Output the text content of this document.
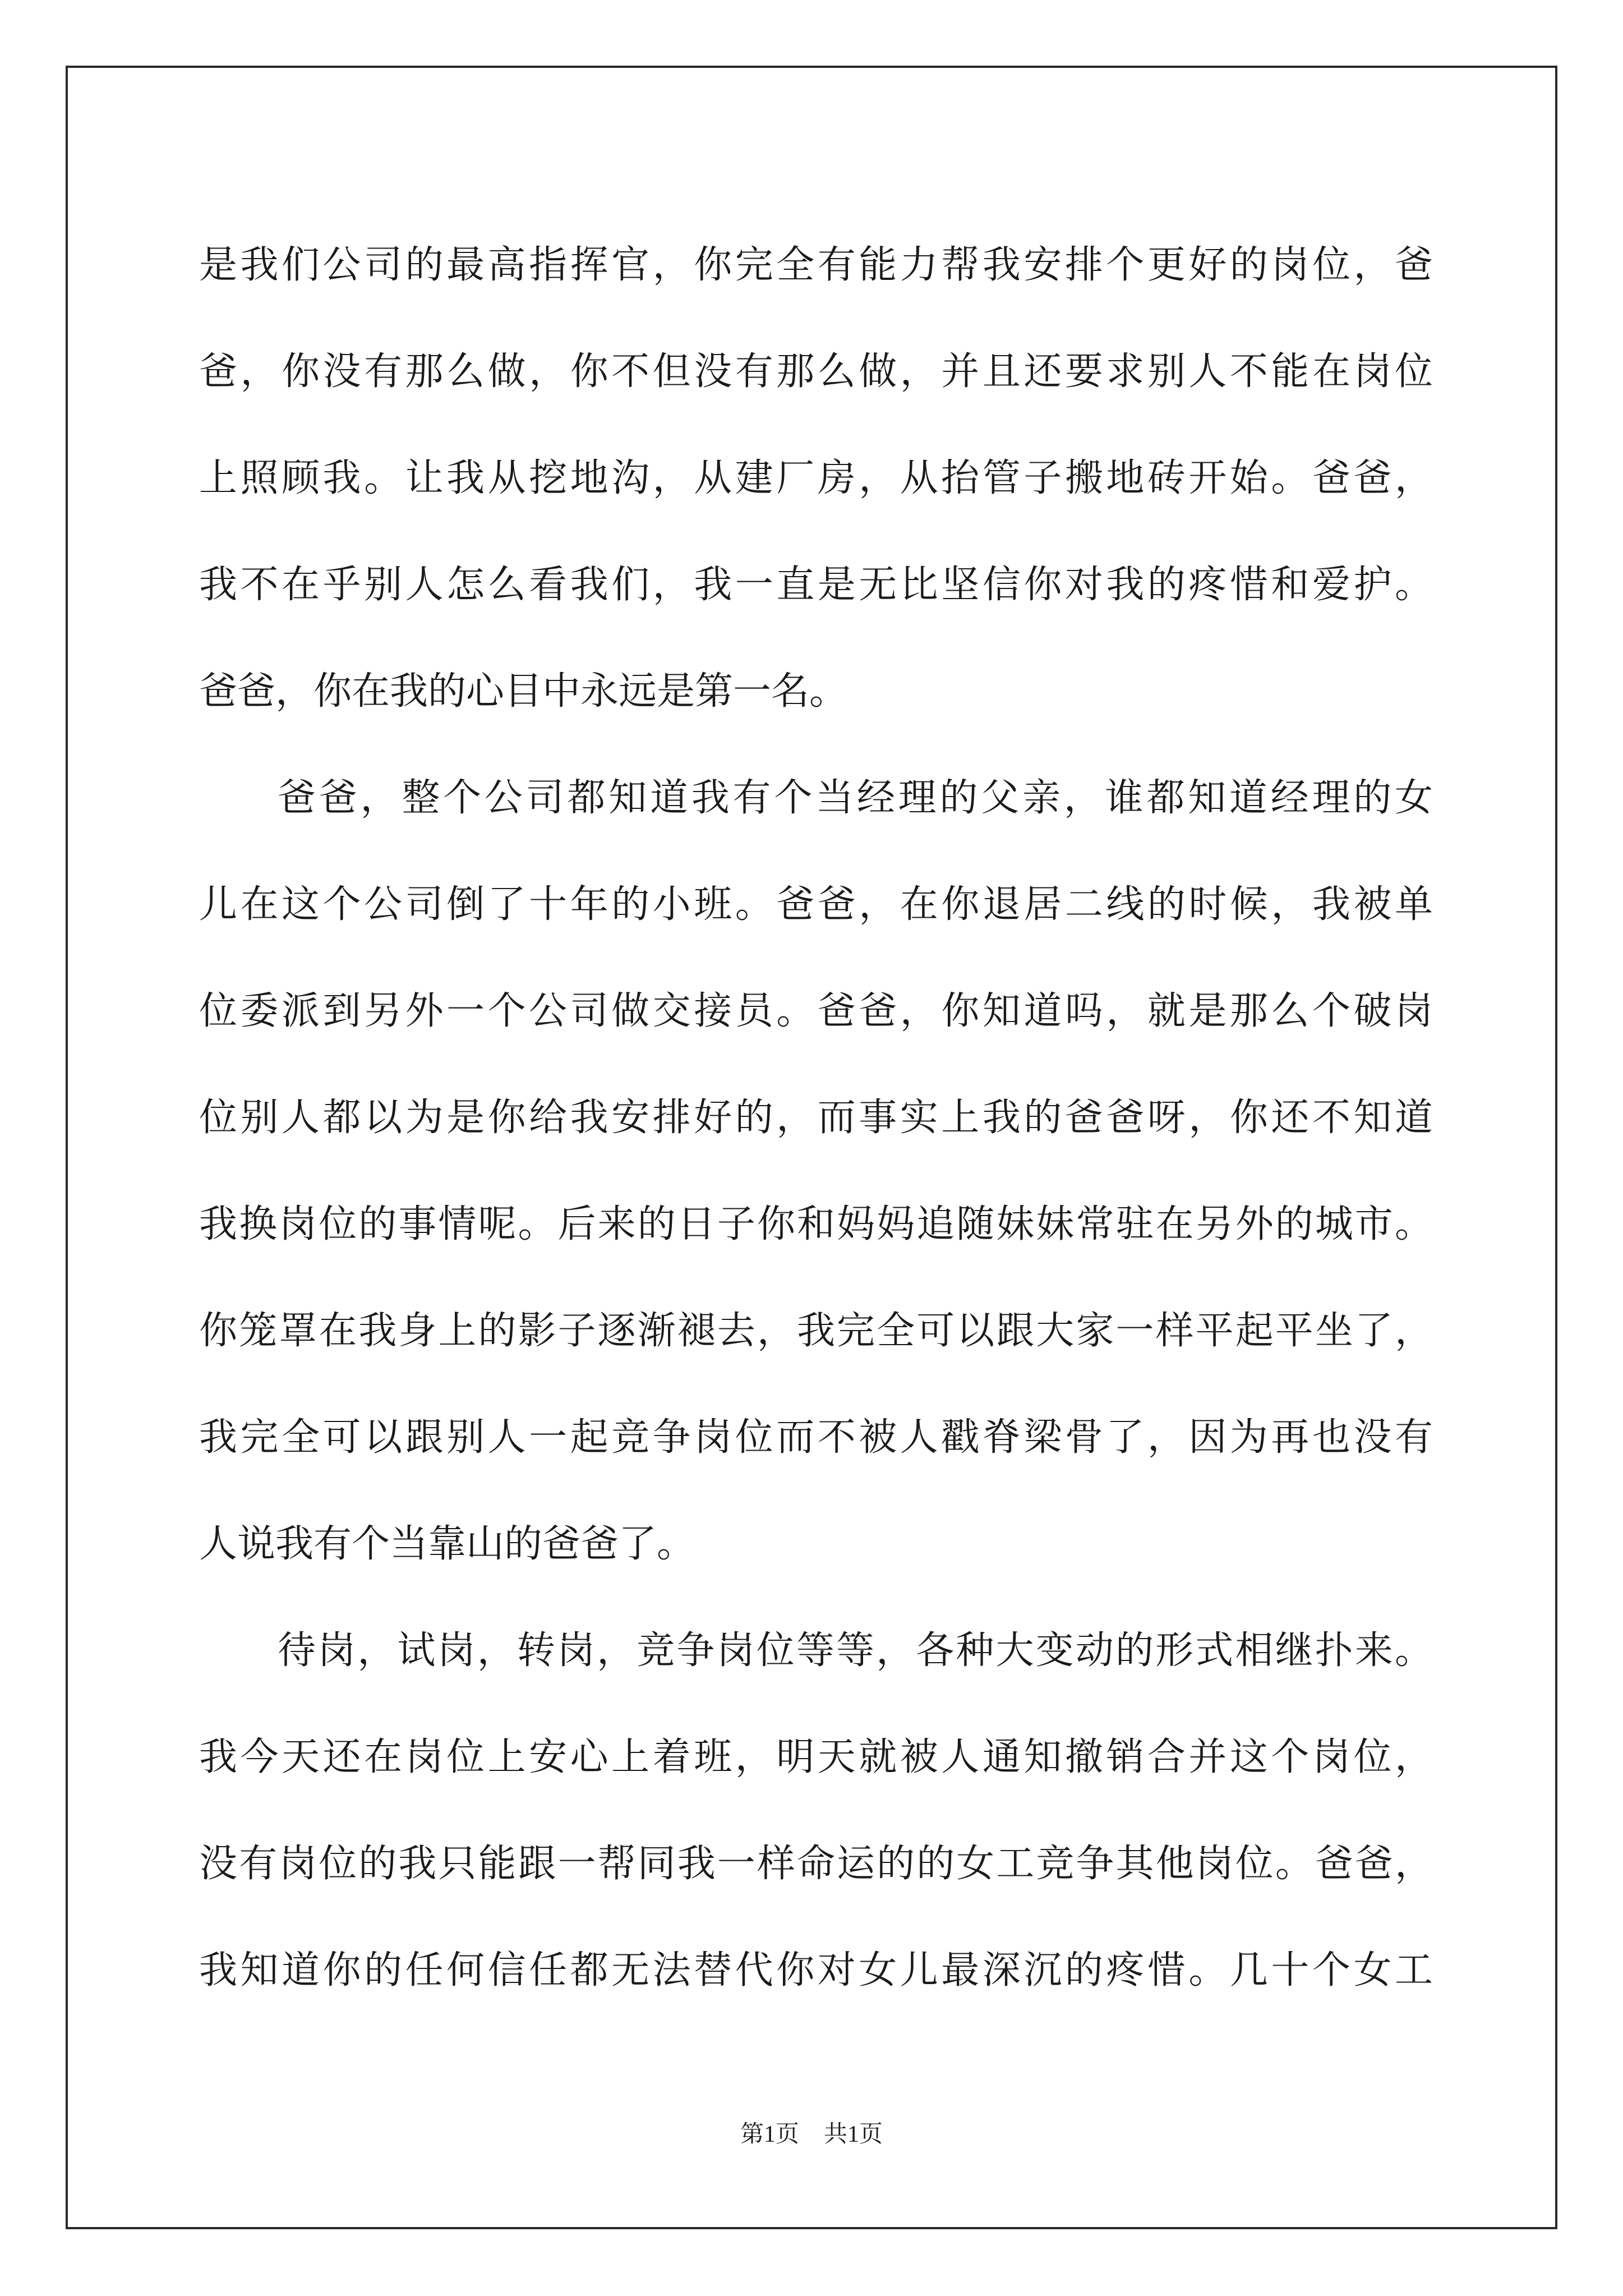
是我们公司的最高指挥官，你完全有能力帮我安排个更好的岗位，爸
爸，你没有那么做，你不但没有那么做，并且还要求别人不能在岗位
上照顾我。让我从挖地沟，从建厂房，从抬管子搬地砖开始。爸爸，
我不在乎别人怎么看我们，我一直是无比坚信你对我的疼惜和爱护。
爸爸，你在我的心目中永远是第一名。
爸爸，整个公司都知道我有个当经理的父亲，谁都知道经理的女
儿在这个公司倒了十年的小班。爸爸，在你退居二线的时候，我被单
位委派到另外一个公司做交接员。爸爸，你知道吗，就是那么个破岗
位别人都以为是你给我安排好的，而事实上我的爸爸呀，你还不知道
我换岗位的事情呢。后来的日子你和妈妈追随妹妹常驻在另外的城市。
你笼罩在我身上的影子逐渐褪去，我完全可以跟大家一样平起平坐了，
我完全可以跟别人一起竞争岗位而不被人戳脊梁骨了，因为再也没有
人说我有个当靠山的爸爸了。
待岗，试岗，转岗，竞争岗位等等，各种大变动的形式相继扑来。
我今天还在岗位上安心上着班，明天就被人通知撤销合并这个岗位，
没有岗位的我只能跟一帮同我一样命运的的女工竞争其他岗位。爸爸，
我知道你的任何信任都无法替代你对女儿最深沉的疼惜。几十个女工
第1页 共1页
